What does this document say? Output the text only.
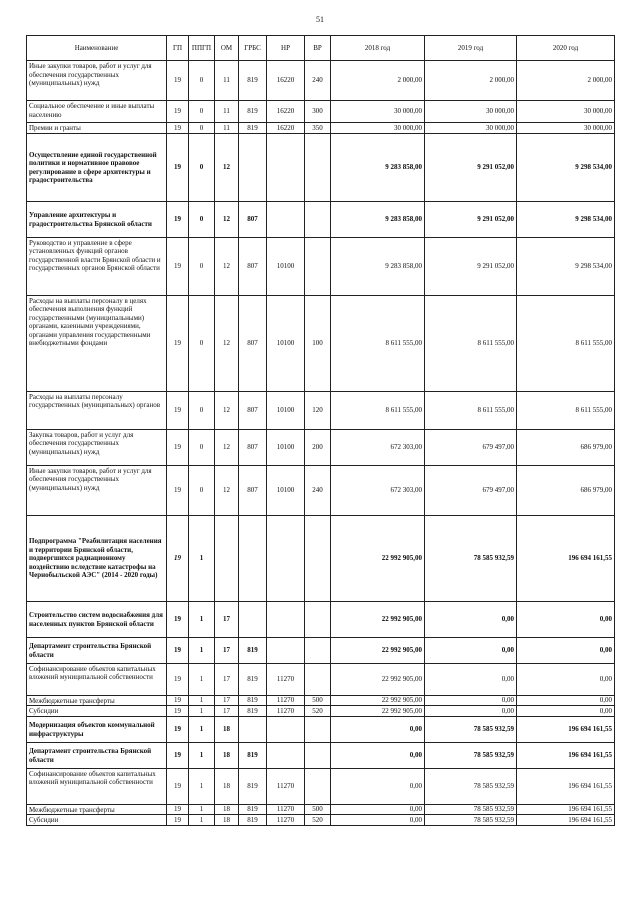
51
Наименование	ГП	ППГП	ОМ	ГРБС	НР	ВР	2018 год	2019 год	2020 год
Иные закупки товаров, работ и услуг для обеспечения государственных (муниципальных) нужд	19	0	11	819	16220	240	2 000,00	2 000,00	2 000,00
Социальное обеспечение и иные выплаты населению	19	0	11	819	16220	300	30 000,00	30 000,00	30 000,00
Премии и гранты	19	0	11	819	16220	350	30 000,00	30 000,00	30 000,00
Осуществление единой государственной политики и нормативное правовое регулирование в сфере архитектуры и градостроительства	19	0	12				9 283 858,00	9 291 052,00	9 298 534,00
Управление архитектуры и градостроительства Брянской области	19	0	12	807			9 283 858,00	9 291 052,00	9 298 534,00
Руководство и управление в сфере установленных функций органов государственной власти Брянской области и государственных органов Брянской области	19	0	12	807	10100		9 283 858,00	9 291 052,00	9 298 534,00
Расходы на выплаты персоналу в целях обеспечения выполнения функций государственными (муниципальными) органами, казенными учреждениями, органами управления государственными внебюджетными фондами	19	0	12	807	10100	100	8 611 555,00	8 611 555,00	8 611 555,00
Расходы на выплаты персоналу государственных (муниципальных) органов	19	0	12	807	10100	120	8 611 555,00	8 611 555,00	8 611 555,00
Закупка товаров, работ и услуг для обеспечения государственных (муниципальных) нужд	19	0	12	807	10100	200	672 303,00	679 497,00	686 979,00
Иные закупки товаров, работ и услуг для обеспечения государственных (муниципальных) нужд	19	0	12	807	10100	240	672 303,00	679 497,00	686 979,00
Подпрограмма "Реабилитация населения и территории Брянской области, подвергшихся радиационному воздействию вследствие катастрофы на Чернобыльской АЭС" (2014 - 2020 годы)	19	1					22 992 905,00	78 585 932,59	196 694 161,55
Строительство систем водоснабжения для населенных пунктов Брянской области	19	1	17				22 992 905,00	0,00	0,00
Департамент строительства Брянской области	19	1	17	819			22 992 905,00	0,00	0,00
Софинансирование объектов капитальных вложений муниципальной собственности	19	1	17	819	11270		22 992 905,00	0,00	0,00
Межбюджетные трансферты	19	1	17	819	11270	500	22 992 905,00	0,00	0,00
Субсидии	19	1	17	819	11270	520	22 992 905,00	0,00	0,00
Модернизация объектов коммунальной инфраструктуры	19	1	18				0,00	78 585 932,59	196 694 161,55
Департамент строительства Брянской области	19	1	18	819			0,00	78 585 932,59	196 694 161,55
Софинансирование объектов капитальных вложений муниципальной собственности	19	1	18	819	11270		0,00	78 585 932,59	196 694 161,55
Межбюджетные трансферты	19	1	18	819	11270	500	0,00	78 585 932,59	196 694 161,55
Субсидии	19	1	18	819	11270	520	0,00	78 585 932,59	196 694 161,55
